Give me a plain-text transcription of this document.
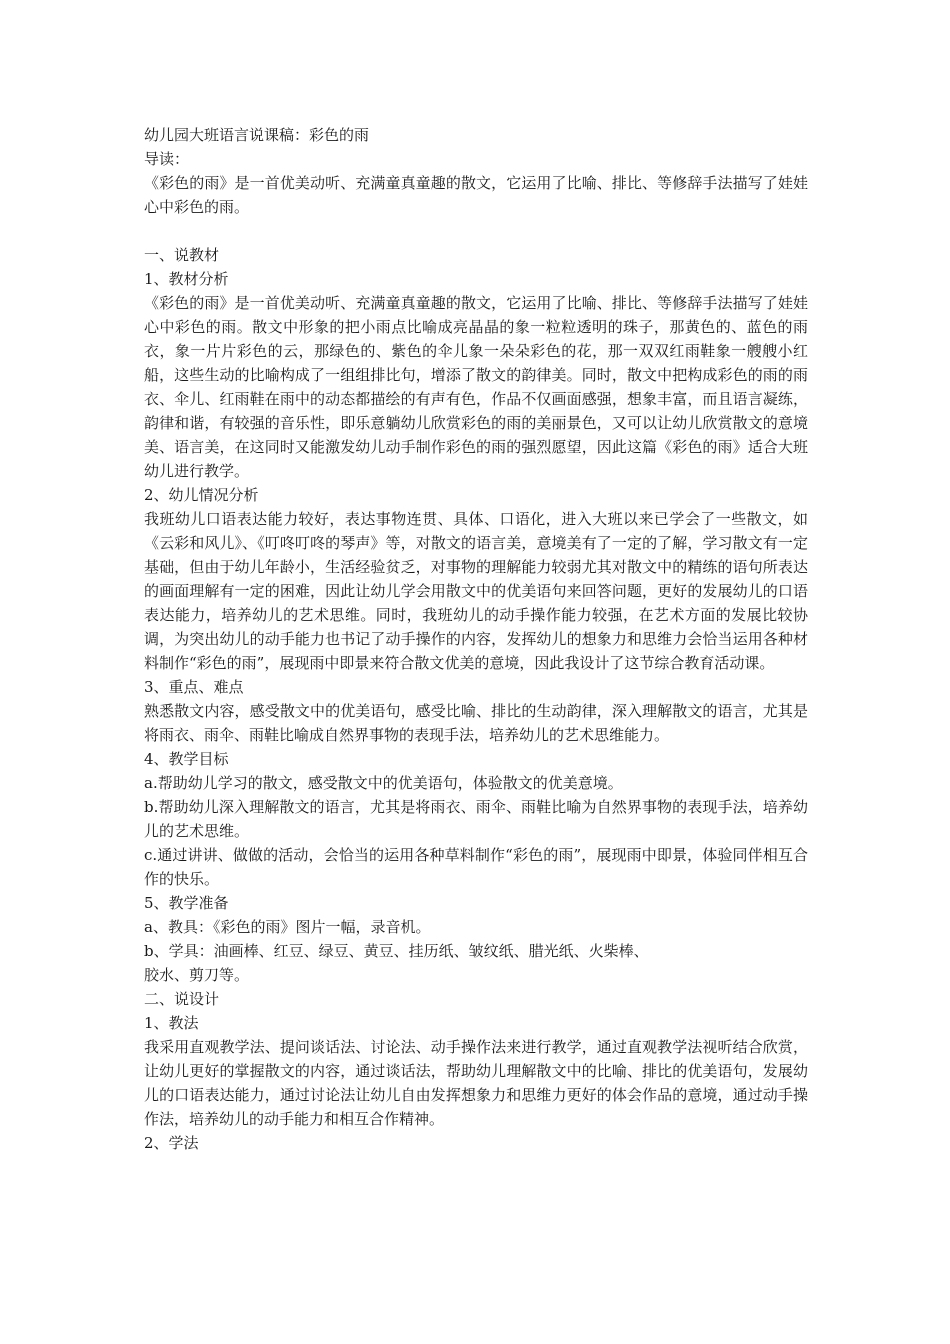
幼儿园大班语言说课稿：彩色的雨

导读：

《彩色的雨》是一首优美动听、充满童真童趣的散文，它运用了比喻、排比、等修辞手法描写了娃娃心中彩色的雨。

一、说教材

1、教材分析

《彩色的雨》是一首优美动听、充满童真童趣的散文，它运用了比喻、排比、等修辞手法描写了娃娃心中彩色的雨。散文中形象的把小雨点比喻成亮晶晶的象一粒粒透明的珠子，那黄色的、蓝色的雨衣，象一片片彩色的云，那绿色的、紫色的伞儿象一朵朵彩色的花，那一双双红雨鞋象一艘艘小红船，这些生动的比喻构成了一组组排比句，增添了散文的韵律美。同时，散文中把构成彩色的雨的雨衣、伞儿、红雨鞋在雨中的动态都描绘的有声有色，作品不仅画面感强，想象丰富，而且语言凝练，韵律和谐，有较强的音乐性，即乐意躺幼儿欣赏彩色的雨的美丽景色，又可以让幼儿欣赏散文的意境美、语言美，在这同时又能激发幼儿动手制作彩色的雨的强烈愿望，因此这篇《彩色的雨》适合大班幼儿进行教学。

2、幼儿情况分析

我班幼儿口语表达能力较好，表达事物连贯、具体、口语化，进入大班以来已学会了一些散文，如《云彩和风儿》、《叮咚叮咚的琴声》等，对散文的语言美，意境美有了一定的了解，学习散文有一定基础，但由于幼儿年龄小，生活经验贫乏，对事物的理解能力较弱尤其对散文中的精练的语句所表达的画面理解有一定的困难，因此让幼儿学会用散文中的优美语句来回答问题，更好的发展幼儿的口语表达能力，培养幼儿的艺术思维。同时，我班幼儿的动手操作能力较强，在艺术方面的发展比较协调，为突出幼儿的动手能力也书记了动手操作的内容，发挥幼儿的想象力和思维力会恰当运用各种材料制作“彩色的雨”，展现雨中即景来符合散文优美的意境，因此我设计了这节综合教育活动课。

3、重点、难点

熟悉散文内容，感受散文中的优美语句，感受比喻、排比的生动韵律，深入理解散文的语言，尤其是将雨衣、雨伞、雨鞋比喻成自然界事物的表现手法，培养幼儿的艺术思维能力。

4、教学目标

a.帮助幼儿学习的散文，感受散文中的优美语句，体验散文的优美意境。

b.帮助幼儿深入理解散文的语言，尤其是将雨衣、雨伞、雨鞋比喻为自然界事物的表现手法，培养幼儿的艺术思维。

c.通过讲讲、做做的活动，会恰当的运用各种草料制作“彩色的雨”，展现雨中即景，体验同伴相互合作的快乐。

5、教学准备

a、教具：《彩色的雨》图片一幅，录音机。

b、学具：油画棒、红豆、绿豆、黄豆、挂历纸、皱纹纸、腊光纸、火柴棒、

胶水、剪刀等。

二、说设计

1、教法

我采用直观教学法、提问谈话法、讨论法、动手操作法来进行教学，通过直观教学法视听结合欣赏，让幼儿更好的掌握散文的内容，通过谈话法，帮助幼儿理解散文中的比喻、排比的优美语句，发展幼儿的口语表达能力，通过讨论法让幼儿自由发挥想象力和思维力更好的体会作品的意境，通过动手操作法，培养幼儿的动手能力和相互合作精神。

2、学法
